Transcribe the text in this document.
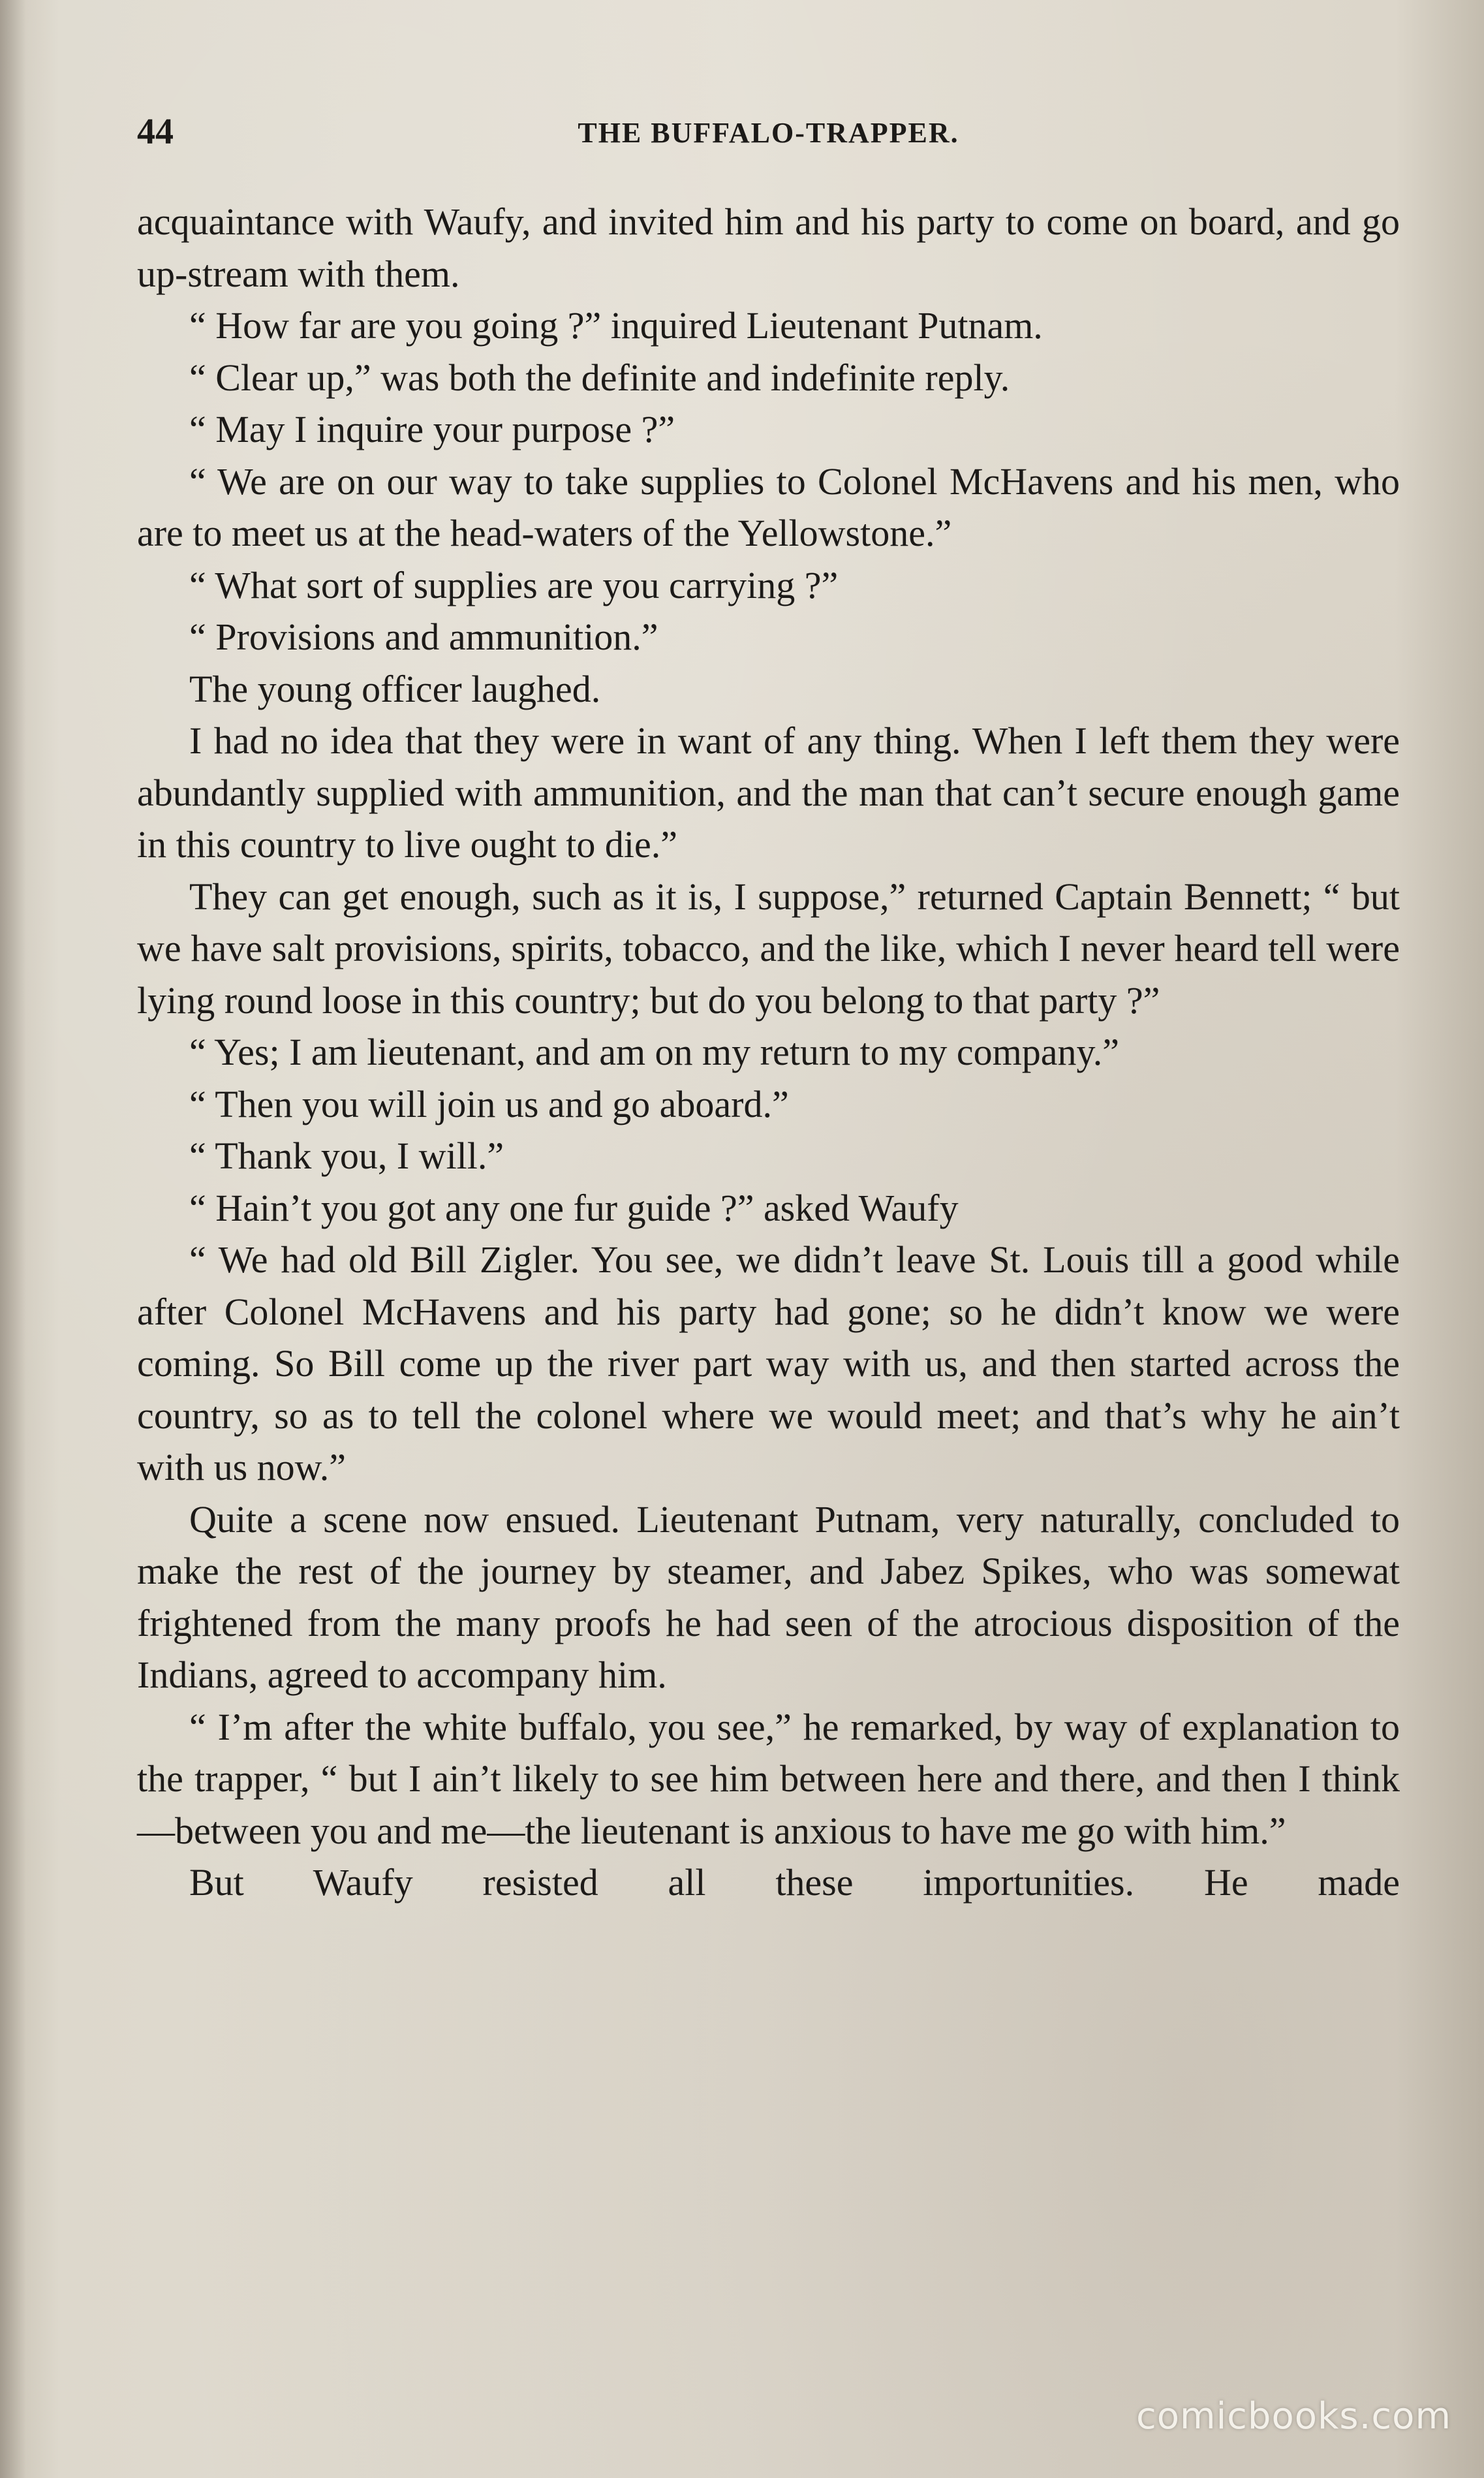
44	THE BUFFALO-TRAPPER.

acquaintance with Waufy, and invited him and his party to come on board, and go up-stream with them.

“ How far are you going ?” inquired Lieutenant Putnam.

“ Clear up,” was both the definite and indefinite reply.

“ May I inquire your purpose ?”

“ We are on our way to take supplies to Colonel McHavens and his men, who are to meet us at the head-waters of the Yellowstone.”

“ What sort of supplies are you carrying ?”

“ Provisions and ammunition.”

The young officer laughed.

I had no idea that they were in want of any thing. When I left them they were abundantly supplied with ammunition, and the man that can’t secure enough game in this country to live ought to die.”

They can get enough, such as it is, I suppose,” returned Captain Bennett; “ but we have salt provisions, spirits, tobacco, and the like, which I never heard tell were lying round loose in this country; but do you belong to that party ?”

“ Yes; I am lieutenant, and am on my return to my company.”

“ Then you will join us and go aboard.”

“ Thank you, I will.”

“ Hain’t you got any one fur guide ?” asked Waufy

“ We had old Bill Zigler. You see, we didn’t leave St. Louis till a good while after Colonel McHavens and his party had gone; so he didn’t know we were coming. So Bill come up the river part way with us, and then started across the country, so as to tell the colonel where we would meet; and that’s why he ain’t with us now.”

Quite a scene now ensued. Lieutenant Putnam, very naturally, concluded to make the rest of the journey by steamer, and Jabez Spikes, who was somewat frightened from the many proofs he had seen of the atrocious disposition of the Indians, agreed to accompany him.

“ I’m after the white buffalo, you see,” he remarked, by way of explanation to the trapper, “ but I ain’t likely to see him between here and there, and then I think—between you and me—the lieutenant is anxious to have me go with him.”

But Waufy resisted all these importunities. He made

comicbooks.com
